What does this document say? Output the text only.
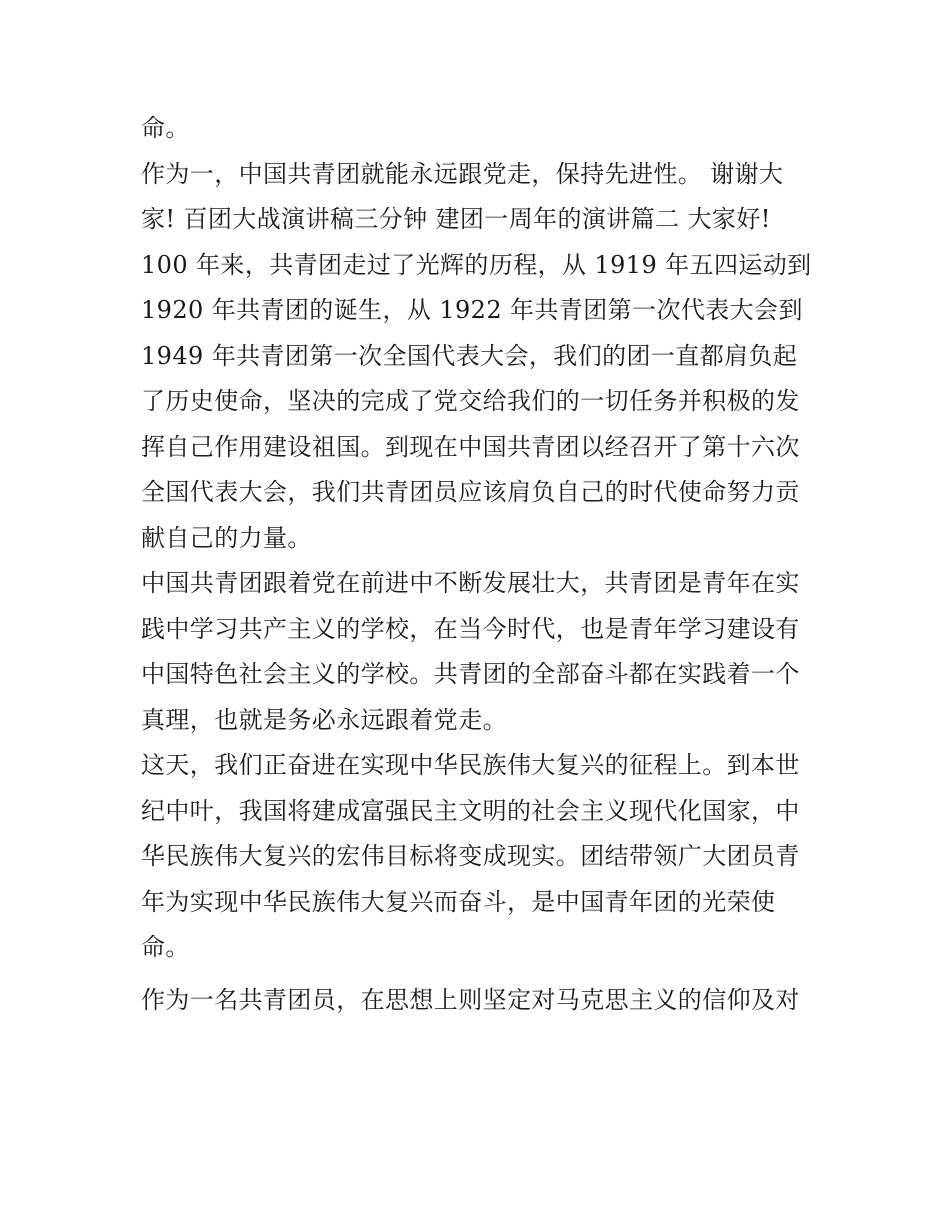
命。
作为一，中国共青团就能永远跟党走，保持先进性。 谢谢大
家! 百团大战演讲稿三分钟 建团一周年的演讲篇二 大家好!
100 年来，共青团走过了光辉的历程，从 1919 年五四运动到
1920 年共青团的诞生，从 1922 年共青团第一次代表大会到
1949 年共青团第一次全国代表大会，我们的团一直都肩负起
了历史使命，坚决的完成了党交给我们的一切任务并积极的发
挥自己作用建设祖国。到现在中国共青团以经召开了第十六次
全国代表大会，我们共青团员应该肩负自己的时代使命努力贡
献自己的力量。
中国共青团跟着党在前进中不断发展壮大，共青团是青年在实
践中学习共产主义的学校，在当今时代，也是青年学习建设有
中国特色社会主义的学校。共青团的全部奋斗都在实践着一个
真理，也就是务必永远跟着党走。
这天，我们正奋进在实现中华民族伟大复兴的征程上。到本世
纪中叶，我国将建成富强民主文明的社会主义现代化国家，中
华民族伟大复兴的宏伟目标将变成现实。团结带领广大团员青
年为实现中华民族伟大复兴而奋斗，是中国青年团的光荣使
命。
作为一名共青团员，在思想上则坚定对马克思主义的信仰及对
